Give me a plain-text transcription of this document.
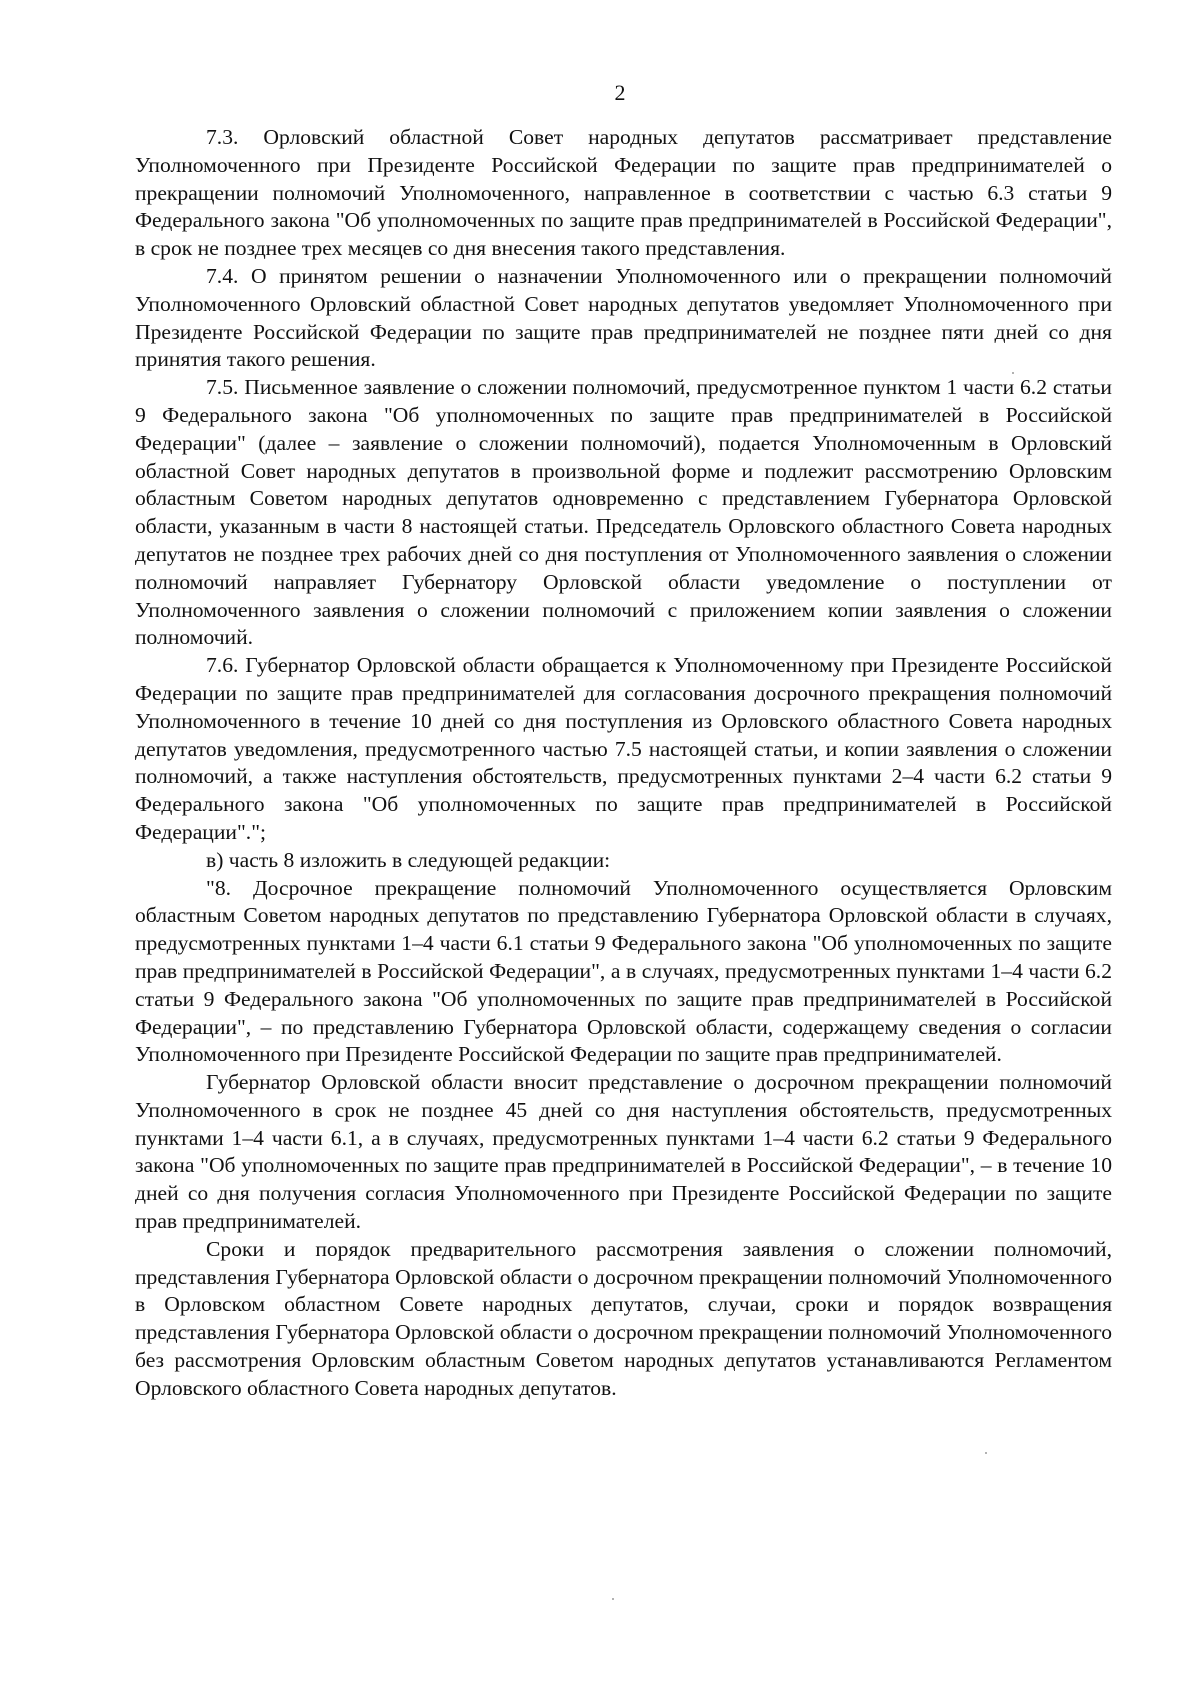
2

7.3. Орловский областной Совет народных депутатов рассматривает представление Уполномоченного при Президенте Российской Федерации по защите прав предпринимателей о прекращении полномочий Уполномоченного, направленное в соответствии с частью 6.3 статьи 9 Федерального закона "Об уполномоченных по защите прав предпринимателей в Российской Федерации", в срок не позднее трех месяцев со дня внесения такого представления.

7.4. О принятом решении о назначении Уполномоченного или о прекращении полномочий Уполномоченного Орловский областной Совет народных депутатов уведомляет Уполномоченного при Президенте Российской Федерации по защите прав предпринимателей не позднее пяти дней со дня принятия такого решения.

7.5. Письменное заявление о сложении полномочий, предусмотренное пунктом 1 части 6.2 статьи 9 Федерального закона "Об уполномоченных по защите прав предпринимателей в Российской Федерации" (далее – заявление о сложении полномочий), подается Уполномоченным в Орловский областной Совет народных депутатов в произвольной форме и подлежит рассмотрению Орловским областным Советом народных депутатов одновременно с представлением Губернатора Орловской области, указанным в части 8 настоящей статьи. Председатель Орловского областного Совета народных депутатов не позднее трех рабочих дней со дня поступления от Уполномоченного заявления о сложении полномочий направляет Губернатору Орловской области уведомление о поступлении от Уполномоченного заявления о сложении полномочий с приложением копии заявления о сложении полномочий.

7.6. Губернатор Орловской области обращается к Уполномоченному при Президенте Российской Федерации по защите прав предпринимателей для согласования досрочного прекращения полномочий Уполномоченного в течение 10 дней со дня поступления из Орловского областного Совета народных депутатов уведомления, предусмотренного частью 7.5 настоящей статьи, и копии заявления о сложении полномочий, а также наступления обстоятельств, предусмотренных пунктами 2–4 части 6.2 статьи 9 Федерального закона "Об уполномоченных по защите прав предпринимателей в Российской Федерации".";

в) часть 8 изложить в следующей редакции:

"8. Досрочное прекращение полномочий Уполномоченного осуществляется Орловским областным Советом народных депутатов по представлению Губернатора Орловской области в случаях, предусмотренных пунктами 1–4 части 6.1 статьи 9 Федерального закона "Об уполномоченных по защите прав предпринимателей в Российской Федерации", а в случаях, предусмотренных пунктами 1–4 части 6.2 статьи 9 Федерального закона "Об уполномоченных по защите прав предпринимателей в Российской Федерации", – по представлению Губернатора Орловской области, содержащему сведения о согласии Уполномоченного при Президенте Российской Федерации по защите прав предпринимателей.

Губернатор Орловской области вносит представление о досрочном прекращении полномочий Уполномоченного в срок не позднее 45 дней со дня наступления обстоятельств, предусмотренных пунктами 1–4 части 6.1, а в случаях, предусмотренных пунктами 1–4 части 6.2 статьи 9 Федерального закона "Об уполномоченных по защите прав предпринимателей в Российской Федерации", – в течение 10 дней со дня получения согласия Уполномоченного при Президенте Российской Федерации по защите прав предпринимателей.

Сроки и порядок предварительного рассмотрения заявления о сложении полномочий, представления Губернатора Орловской области о досрочном прекращении полномочий Уполномоченного в Орловском областном Совете народных депутатов, случаи, сроки и порядок возвращения представления Губернатора Орловской области о досрочном прекращении полномочий Уполномоченного без рассмотрения Орловским областным Советом народных депутатов устанавливаются Регламентом Орловского областного Совета народных депутатов.
